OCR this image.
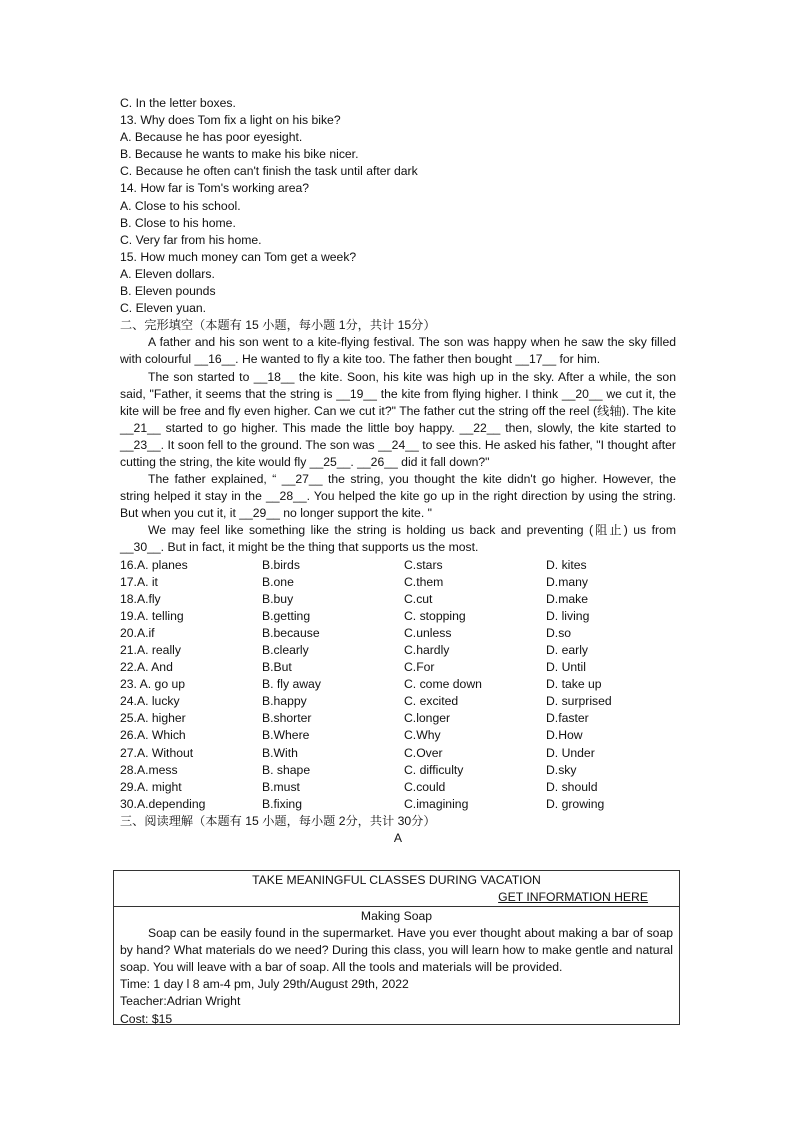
C. In the letter boxes.
13. Why does Tom fix a light on his bike?
A. Because he has poor eyesight.
B. Because he wants to make his bike nicer.
C. Because he often can't finish the task until after dark
14. How far is Tom's working area?
A. Close to his school.
B. Close to his home.
C. Very far from his home.
15. How much money can Tom get a week?
A. Eleven dollars.
B. Eleven pounds
C. Eleven yuan.
二、完形填空（本题有 15 小题，每小题 1分，共计 15分）
A father and his son went to a kite-flying festival. The son was happy when he saw the sky filled with colourful __16__. He wanted to fly a kite too. The father then bought __17__ for him.
The son started to __18__ the kite. Soon, his kite was high up in the sky. After a while, the son said, "Father, it seems that the string is __19__ the kite from flying higher. I think __20__ we cut it, the kite will be free and fly even higher. Can we cut it?" The father cut the string off the reel (线轴). The kite __21__ started to go higher. This made the little boy happy. __22__ then, slowly, the kite started to __23__. It soon fell to the ground. The son was __24__ to see this. He asked his father, "I thought after cutting the string, the kite would fly __25__. __26__ did it fall down?"
The father explained, “ __27__ the string, you thought the kite didn't go higher. However, the string helped it stay in the __28__. You helped the kite go up in the right direction by using the string. But when you cut it, it __29__ no longer support the kite. "
We may feel like something like the string is holding us back and preventing (阻止) us from __30__. But in fact, it might be the thing that supports us the most.
16.A. planes	B.birds	C.stars	D. kites
17.A. it	B.one	C.them	D.many
18.A.fly	B.buy	C.cut	D.make
19.A. telling	B.getting	C. stopping	D. living
20.A.if	B.because	C.unless	D.so
21.A. really	B.clearly	C.hardly	D. early
22.A. And	B.But	C.For	D. Until
23. A. go up	B. fly away	C. come down	D. take up
24.A. lucky	B.happy	C. excited	D. surprised
25.A. higher	B.shorter	C.longer	D.faster
26.A. Which	B.Where	C.Why	D.How
27.A. Without	B.With	C.Over	D. Under
28.A.mess	B. shape	C. difficulty	D.sky
29.A. might	B.must	C.could	D. should
30.A.depending	B.fixing	C.imagining	D. growing
三、阅读理解（本题有 15 小题，每小题 2分，共计 30分）
A
TAKE MEANINGFUL CLASSES DURING VACATION
GET INFORMATION HERE
Making Soap
Soap can be easily found in the supermarket. Have you ever thought about making a bar of soap by hand? What materials do we need? During this class, you will learn how to make gentle and natural soap. You will leave with a bar of soap. All the tools and materials will be provided.
Time: 1 day l 8 am-4 pm, July 29th/August 29th, 2022
Teacher:Adrian Wright
Cost: $15
